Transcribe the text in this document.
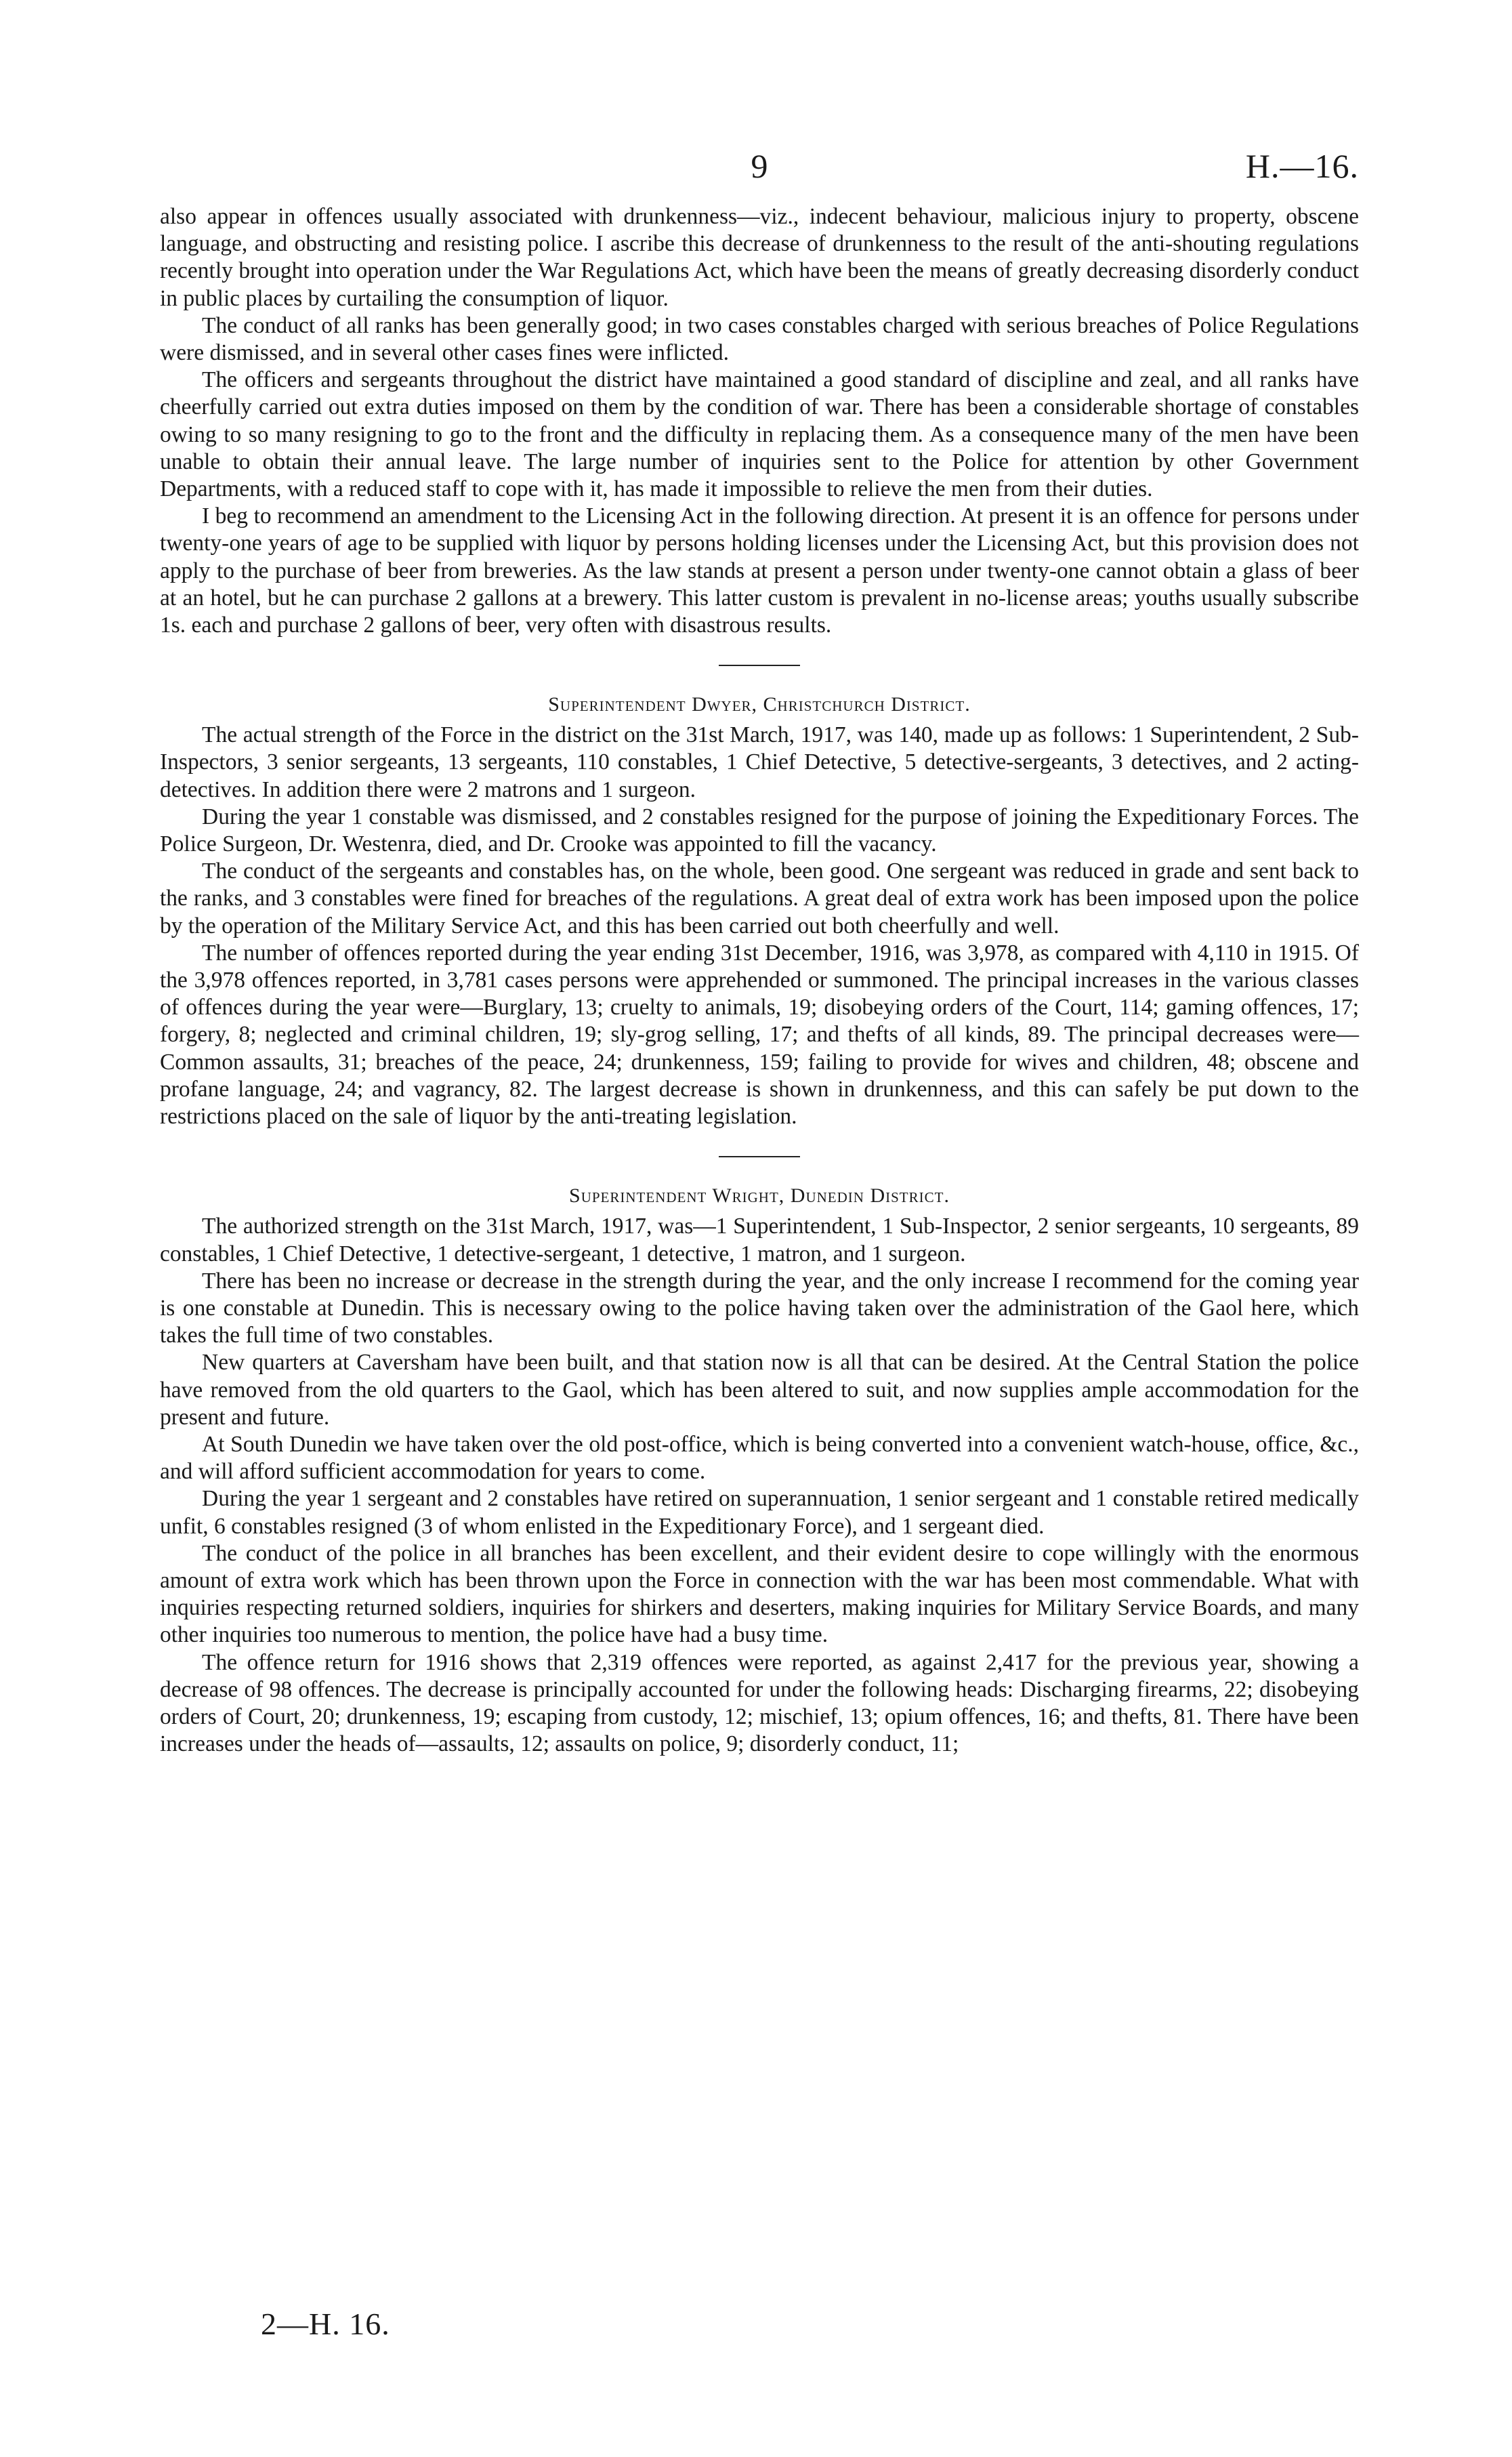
9	H.—16.

also appear in offences usually associated with drunkenness—viz., indecent behaviour, malicious injury to property, obscene language, and obstructing and resisting police. I ascribe this decrease of drunkenness to the result of the anti-shouting regulations recently brought into operation under the War Regulations Act, which have been the means of greatly decreasing disorderly conduct in public places by curtailing the consumption of liquor.

The conduct of all ranks has been generally good; in two cases constables charged with serious breaches of Police Regulations were dismissed, and in several other cases fines were inflicted.

The officers and sergeants throughout the district have maintained a good standard of discipline and zeal, and all ranks have cheerfully carried out extra duties imposed on them by the condition of war. There has been a considerable shortage of constables owing to so many resigning to go to the front and the difficulty in replacing them. As a consequence many of the men have been unable to obtain their annual leave. The large number of inquiries sent to the Police for attention by other Government Departments, with a reduced staff to cope with it, has made it impossible to relieve the men from their duties.

I beg to recommend an amendment to the Licensing Act in the following direction. At present it is an offence for persons under twenty-one years of age to be supplied with liquor by persons holding licenses under the Licensing Act, but this provision does not apply to the purchase of beer from breweries. As the law stands at present a person under twenty-one cannot obtain a glass of beer at an hotel, but he can purchase 2 gallons at a brewery. This latter custom is prevalent in no-license areas; youths usually subscribe 1s. each and purchase 2 gallons of beer, very often with disastrous results.

Superintendent Dwyer, Christchurch District.

The actual strength of the Force in the district on the 31st March, 1917, was 140, made up as follows: 1 Superintendent, 2 Sub-Inspectors, 3 senior sergeants, 13 sergeants, 110 constables, 1 Chief Detective, 5 detective-sergeants, 3 detectives, and 2 acting-detectives. In addition there were 2 matrons and 1 surgeon.

During the year 1 constable was dismissed, and 2 constables resigned for the purpose of joining the Expeditionary Forces. The Police Surgeon, Dr. Westenra, died, and Dr. Crooke was appointed to fill the vacancy.

The conduct of the sergeants and constables has, on the whole, been good. One sergeant was reduced in grade and sent back to the ranks, and 3 constables were fined for breaches of the regulations. A great deal of extra work has been imposed upon the police by the operation of the Military Service Act, and this has been carried out both cheerfully and well.

The number of offences reported during the year ending 31st December, 1916, was 3,978, as compared with 4,110 in 1915. Of the 3,978 offences reported, in 3,781 cases persons were apprehended or summoned. The principal increases in the various classes of offences during the year were—Burglary, 13; cruelty to animals, 19; disobeying orders of the Court, 114; gaming offences, 17; forgery, 8; neglected and criminal children, 19; sly-grog selling, 17; and thefts of all kinds, 89. The principal decreases were—Common assaults, 31; breaches of the peace, 24; drunkenness, 159; failing to provide for wives and children, 48; obscene and profane language, 24; and vagrancy, 82. The largest decrease is shown in drunkenness, and this can safely be put down to the restrictions placed on the sale of liquor by the anti-treating legislation.

Superintendent Wright, Dunedin District.

The authorized strength on the 31st March, 1917, was—1 Superintendent, 1 Sub-Inspector, 2 senior sergeants, 10 sergeants, 89 constables, 1 Chief Detective, 1 detective-sergeant, 1 detective, 1 matron, and 1 surgeon.

There has been no increase or decrease in the strength during the year, and the only increase I recommend for the coming year is one constable at Dunedin. This is necessary owing to the police having taken over the administration of the Gaol here, which takes the full time of two constables.

New quarters at Caversham have been built, and that station now is all that can be desired. At the Central Station the police have removed from the old quarters to the Gaol, which has been altered to suit, and now supplies ample accommodation for the present and future.

At South Dunedin we have taken over the old post-office, which is being converted into a convenient watch-house, office, &c., and will afford sufficient accommodation for years to come.

During the year 1 sergeant and 2 constables have retired on superannuation, 1 senior sergeant and 1 constable retired medically unfit, 6 constables resigned (3 of whom enlisted in the Expeditionary Force), and 1 sergeant died.

The conduct of the police in all branches has been excellent, and their evident desire to cope willingly with the enormous amount of extra work which has been thrown upon the Force in connection with the war has been most commendable. What with inquiries respecting returned soldiers, inquiries for shirkers and deserters, making inquiries for Military Service Boards, and many other inquiries too numerous to mention, the police have had a busy time.

The offence return for 1916 shows that 2,319 offences were reported, as against 2,417 for the previous year, showing a decrease of 98 offences. The decrease is principally accounted for under the following heads: Discharging firearms, 22; disobeying orders of Court, 20; drunkenness, 19; escaping from custody, 12; mischief, 13; opium offences, 16; and thefts, 81. There have been increases under the heads of—assaults, 12; assaults on police, 9; disorderly conduct, 11;

2—H. 16.
